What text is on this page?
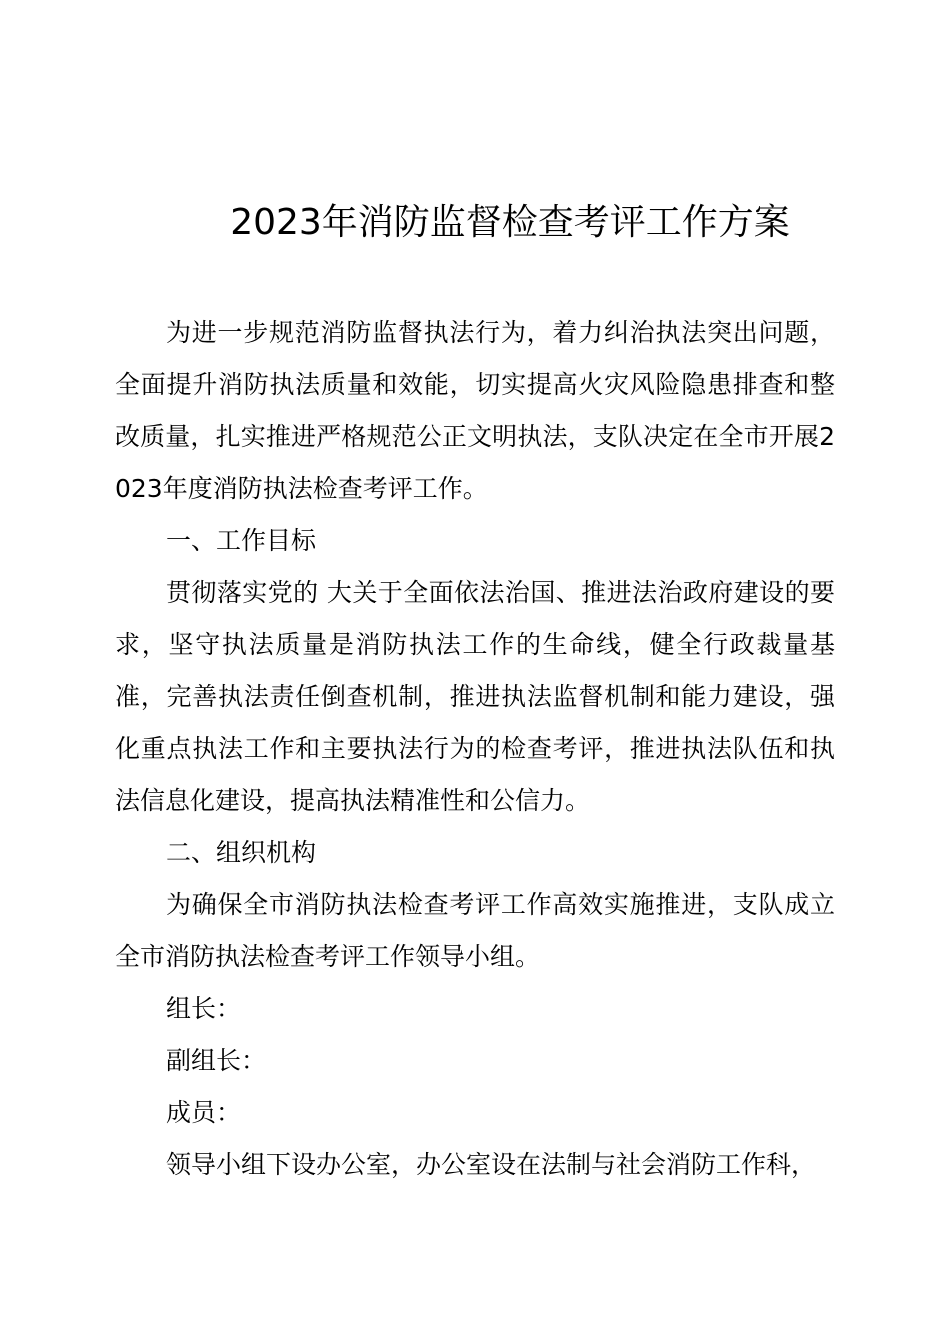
2023年消防监督检查考评工作方案

为进一步规范消防监督执法行为，着力纠治执法突出问题，全面提升消防执法质量和效能，切实提高火灾风险隐患排查和整改质量，扎实推进严格规范公正文明执法，支队决定在全市开展2023年度消防执法检查考评工作。

一、工作目标

贯彻落实党的 大关于全面依法治国、推进法治政府建设的要求，坚守执法质量是消防执法工作的生命线，健全行政裁量基准，完善执法责任倒查机制，推进执法监督机制和能力建设，强化重点执法工作和主要执法行为的检查考评，推进执法队伍和执法信息化建设，提高执法精准性和公信力。

二、组织机构

为确保全市消防执法检查考评工作高效实施推进，支队成立全市消防执法检查考评工作领导小组。

组长：

副组长：

成员：

领导小组下设办公室，办公室设在法制与社会消防工作科，
